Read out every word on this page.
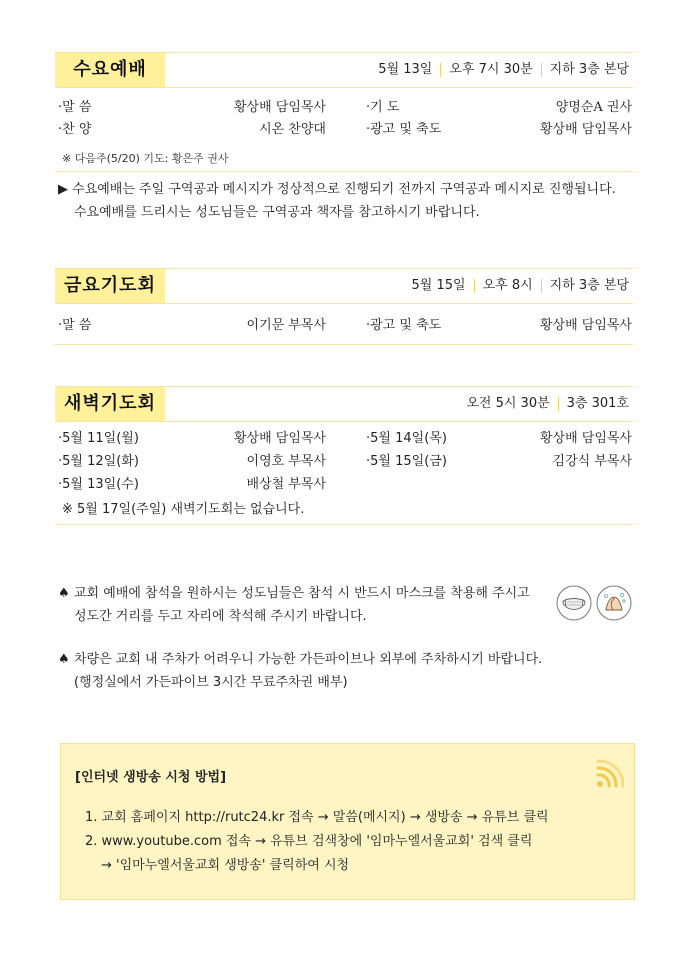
수요예배	5월 13일 오후 7시 30분 지하 3층 본당
·말 씀	황상배 담임목사	·기 도	양명순A 권사
·찬 양	시온 찬양대	·광고 및 축도	황상배 담임목사
※ 다음주(5/20) 기도: 황은주 권사
▶ 수요예배는 주일 구역공과 메시지가 정상적으로 진행되기 전까지 구역공과 메시지로 진행됩니다.
수요예배를 드리시는 성도님들은 구역공과 책자를 참고하시기 바랍니다.
금요기도회	5월 15일 오후 8시 지하 3층 본당
·말 씀	이기문 부목사	·광고 및 축도	황상배 담임목사
새벽기도회	오전 5시 30분 3층 301호
·5월 11일(월)	황상배 담임목사	·5월 14일(목)	황상배 담임목사
·5월 12일(화)	이영호 부목사	·5월 15일(금)	김강식 부목사
·5월 13일(수)	배상철 부목사
※ 5월 17일(주일) 새벽기도회는 없습니다.
♠ 교회 예배에 참석을 원하시는 성도님들은 참석 시 반드시 마스크를 착용해 주시고
성도간 거리를 두고 자리에 착석해 주시기 바랍니다.
♠ 차량은 교회 내 주차가 어려우니 가능한 가든파이브나 외부에 주차하시기 바랍니다.
(행정실에서 가든파이브 3시간 무료주차권 배부)
[인터넷 생방송 시청 방법]
1. 교회 홈페이지 http://rutc24.kr 접속 → 말씀(메시지) → 생방송 → 유튜브 클릭
2. www.youtube.com 접속 → 유튜브 검색창에 '임마누엘서울교회' 검색 클릭
→ '임마누엘서울교회 생방송' 클릭하여 시청
